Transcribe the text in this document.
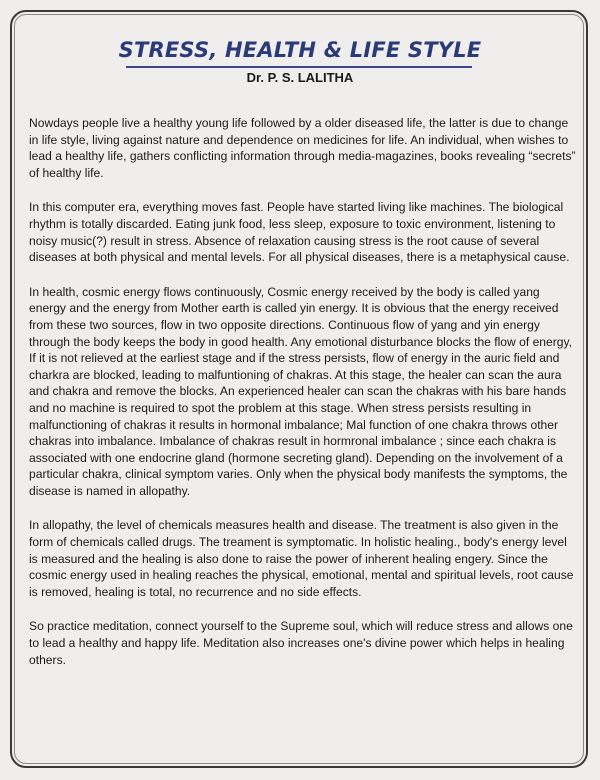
STRESS, HEALTH & LIFE STYLE
Dr. P. S. LALITHA

Nowdays people live a healthy young life followed by a older diseased life, the latter is due to change in life style, living against nature and dependence on medicines for life. An individual, when wishes to lead a healthy life, gathers conflicting information through media-magazines, books revealing “secrets” of healthy life.

In this computer era, everything moves fast. People have started living like machines. The biological rhythm is totally discarded. Eating junk food, less sleep, exposure to toxic environment, listening to noisy music(?) result in stress. Absence of relaxation causing stress is the root cause of several diseases at both physical and mental levels. For all physical diseases, there is a metaphysical cause.

In health, cosmic energy flows continuously, Cosmic energy received by the body is called yang energy and the energy from Mother earth is called yin energy. It is obvious that the energy received from these two sources, flow in two opposite directions. Continuous flow of yang and yin energy through the body keeps the body in good health. Any emotional disturbance blocks the flow of energy, If it is not relieved at the earliest stage and if the stress persists, flow of energy in the auric field and charkra are blocked, leading to malfuntioning of chakras. At this stage, the healer can scan the aura and chakra and remove the blocks. An experienced healer can scan the chakras with his bare hands and no machine is required to spot the problem at this stage. When stress persists resulting in malfunctioning of chakras it results in hormonal imbalance; Mal function of one chakra throws other chakras into imbalance. Imbalance of chakras result in hormronal imbalance ; since each chakra is associated with one endocrine gland (hormone secreting gland). Depending on the involvement of a particular chakra, clinical symptom varies. Only when the physical body manifests the symptoms, the disease is named in allopathy.

In allopathy, the level of chemicals measures health and disease. The treatment is also given in the form of chemicals called drugs. The treament is symptomatic. In holistic healing., body's energy level is measured and the healing is also done to raise the power of inherent healing engery. Since the cosmic energy used in healing reaches the physical, emotional, mental and spiritual levels, root cause is removed, healing is total, no recurrence and no side effects.

So practice meditation, connect yourself to the Supreme soul, which will reduce stress and allows one to lead a healthy and happy life. Meditation also increases one's divine power which helps in healing others.
